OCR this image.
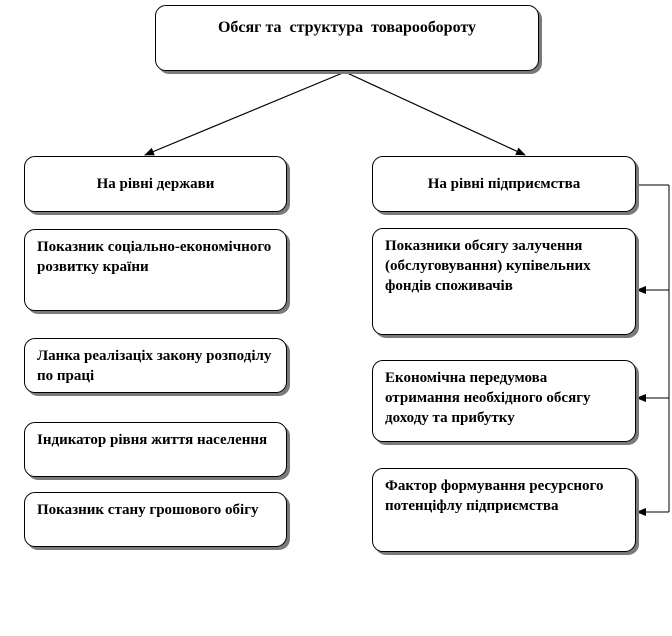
Обсяг та  структура  товарообороту
На рівні держави	На рівні підприємства
Показник соціально-економічного розвитку країни
Ланка реалізаціх закону розподілу по праці
Індикатор рівня життя населення
Показник стану грошового обігу
Показники обсягу залучення (обслуговування) купівельних фондів споживачів
Економічна передумова отримання необхідного обсягу доходу та прибутку
Фактор формування ресурсного потенціфлу підприємства
